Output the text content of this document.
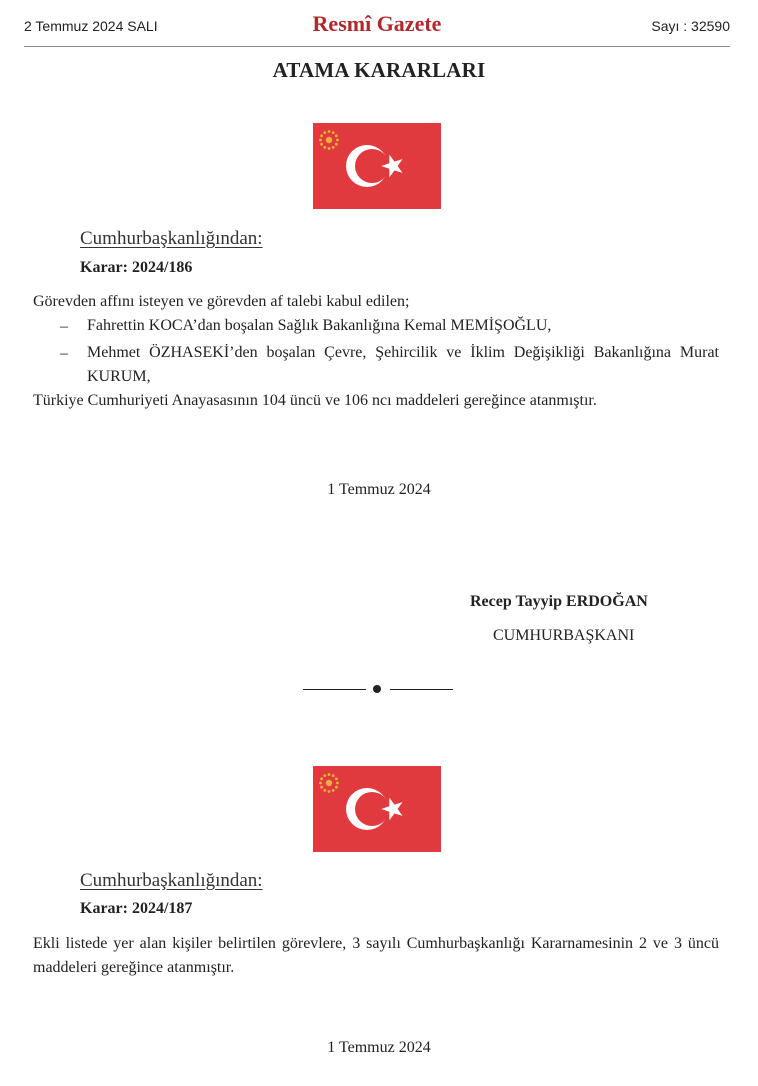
2 Temmuz 2024 SALI	Resmî Gazete	Sayı : 32590
ATAMA KARARLARI
Cumhurbaşkanlığından:
Karar: 2024/186
Görevden affını isteyen ve görevden af talebi kabul edilen;
– Fahrettin KOCA’dan boşalan Sağlık Bakanlığına Kemal MEMİŞOĞLU,
– Mehmet ÖZHASEKİ’den boşalan Çevre, Şehircilik ve İklim Değişikliği Bakanlığına Murat KURUM,
Türkiye Cumhuriyeti Anayasasının 104 üncü ve 106 ncı maddeleri gereğince atanmıştır.
1 Temmuz 2024
Recep Tayyip ERDOĞAN
CUMHURBAŞKANI
Cumhurbaşkanlığından:
Karar: 2024/187
Ekli listede yer alan kişiler belirtilen görevlere, 3 sayılı Cumhurbaşkanlığı Kararnamesinin 2 ve 3 üncü maddeleri gereğince atanmıştır.
1 Temmuz 2024
